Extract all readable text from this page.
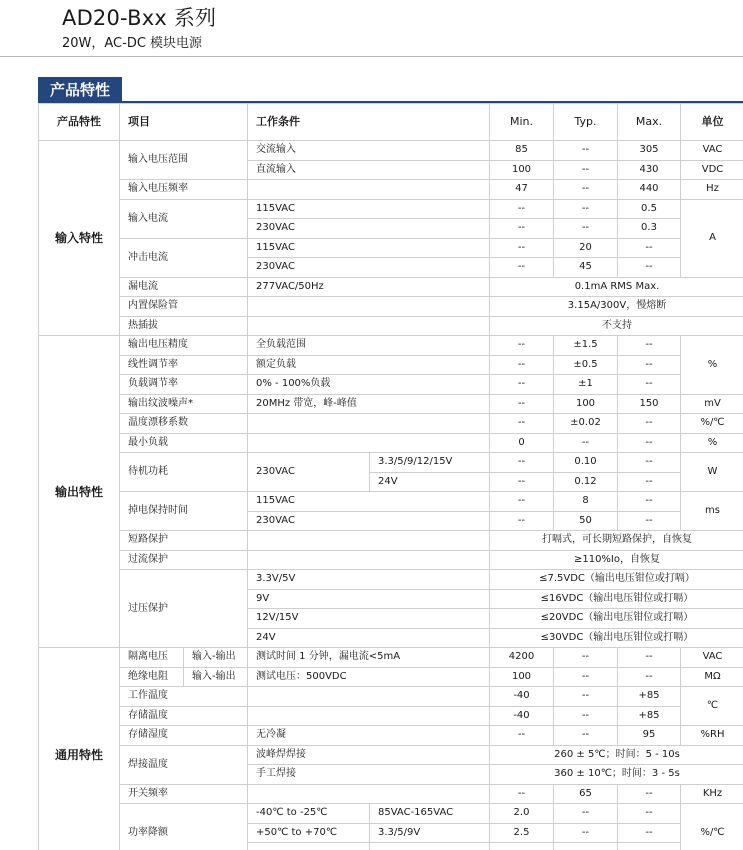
AD20-Bxx 系列
20W，AC-DC 模块电源
产品特性
产品特性	项目		工作条件		Min.	Typ.	Max.	单位
输入特性	输入电压范围		交流输入		85	--	305	VAC
			直流输入		100	--	430	VDC
	输入电压频率				47	--	440	Hz
	输入电流		115VAC		--	--	0.5	A
			230VAC		--	--	0.3	
	冲击电流		115VAC		--	20	--	
			230VAC		--	45	--	
	漏电流		277VAC/50Hz		0.1mA RMS Max.			
	内置保险管				3.15A/300V，慢熔断			
	热插拔				不支持			
输出特性	输出电压精度		全负载范围		--	±1.5	--	%
	线性调节率		额定负载		--	±0.5	--	
	负载调节率		0% - 100%负载		--	±1	--	
	输出纹波噪声*		20MHz 带宽，峰-峰值		--	100	150	mV
	温度漂移系数				--	±0.02	--	%/℃
	最小负载				0	--	--	%
	待机功耗		230VAC	3.3/5/9/12/15V	--	0.10	--	W
				24V	--	0.12	--	
	掉电保持时间		115VAC		--	8	--	ms
			230VAC		--	50	--	
	短路保护				打嗝式，可长期短路保护，自恢复			
	过流保护				≥110%Io，自恢复			
	过压保护		3.3V/5V		≤7.5VDC（输出电压钳位或打嗝）			
			9V		≤16VDC（输出电压钳位或打嗝）			
			12V/15V		≤20VDC（输出电压钳位或打嗝）			
			24V		≤30VDC（输出电压钳位或打嗝）			
通用特性	隔离电压	输入-输出	测试时间 1 分钟，漏电流<5mA		4200	--	--	VAC
	绝缘电阻	输入-输出	测试电压：500VDC		100	--	--	MΩ
	工作温度				-40	--	+85	℃
	存储温度				-40	--	+85	
	存储湿度		无冷凝		--	--	95	%RH
	焊接温度		波峰焊焊接		260 ± 5℃；时间：5 - 10s			
			手工焊接		360 ± 10℃；时间：3 - 5s			
	开关频率				--	65	--	KHz
	功率降额		-40℃ to -25℃	85VAC-165VAC	2.0	--	--	%/℃
			+50℃ to +70℃	3.3/5/9V	2.5	--	--	
